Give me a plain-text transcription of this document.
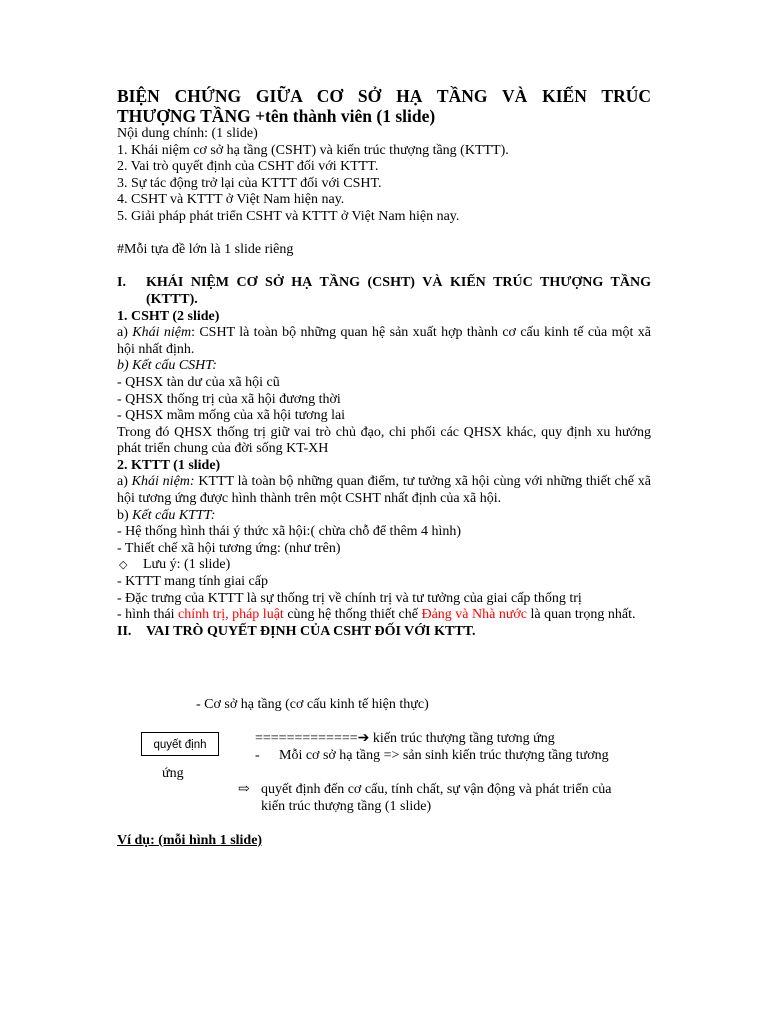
BIỆN CHỨNG GIỮA CƠ SỞ HẠ TẦNG VÀ KIẾN TRÚC
THƯỢNG TẦNG +tên thành viên (1 slide)
Nội dung chính: (1 slide)
1. Khái niệm cơ sở hạ tầng (CSHT) và kiến trúc thượng tầng (KTTT).
2. Vai trò quyết định của CSHT đối với KTTT.
3. Sự tác động trở lại của KTTT đối với CSHT.
4. CSHT và KTTT ở Việt Nam hiện nay.
5. Giải pháp phát triển CSHT và KTTT ở Việt Nam hiện nay.
#Mỗi tựa đề lớn là 1 slide riêng
I.	KHÁI NIỆM CƠ SỞ HẠ TẦNG (CSHT) VÀ KIẾN TRÚC THƯỢNG TẦNG (KTTT).
1. CSHT (2 slide)
a) Khái niệm: CSHT là toàn bộ những quan hệ sản xuất hợp thành cơ cấu kinh tế của một xã hội nhất định.
b) Kết cấu CSHT:
- QHSX tàn dư của xã hội cũ
- QHSX thống trị của xã hội đương thời
- QHSX mầm mống của xã hội tương lai
Trong đó QHSX thống trị giữ vai trò chủ đạo, chi phối các QHSX khác, quy định xu hướng phát triển chung của đời sống KT-XH
2. KTTT (1 slide)
a) Khái niệm: KTTT là toàn bộ những quan điểm, tư tưởng xã hội cùng với những thiết chế xã hội tương ứng được hình thành trên một CSHT nhất định của xã hội.
b) Kết cấu KTTT:
- Hệ thống hình thái ý thức xã hội:( chừa chỗ để thêm 4 hình)
- Thiết chế xã hội tương ứng: (như trên)
◇	Lưu ý: (1 slide)
- KTTT mang tính giai cấp
- Đặc trưng của KTTT là sự thống trị về chính trị và tư tưởng của giai cấp thống trị
- hình thái chính trị, pháp luật cùng hệ thống thiết chế Đảng và Nhà nước là quan trọng nhất.
II.	VAI TRÒ QUYẾT ĐỊNH CỦA CSHT ĐỐI VỚI KTTT.
- Cơ sở hạ tầng (cơ cấu kinh tế hiện thực)
quyết định	=============➔ kiến trúc thượng tầng tương ứng
- Mỗi cơ sở hạ tầng => sản sinh kiến trúc thượng tầng tương
ứng
⇨ quyết định đến cơ cấu, tính chất, sự vận động và phát triển của
kiến trúc thượng tầng (1 slide)
Ví dụ: (mỗi hình 1 slide)
